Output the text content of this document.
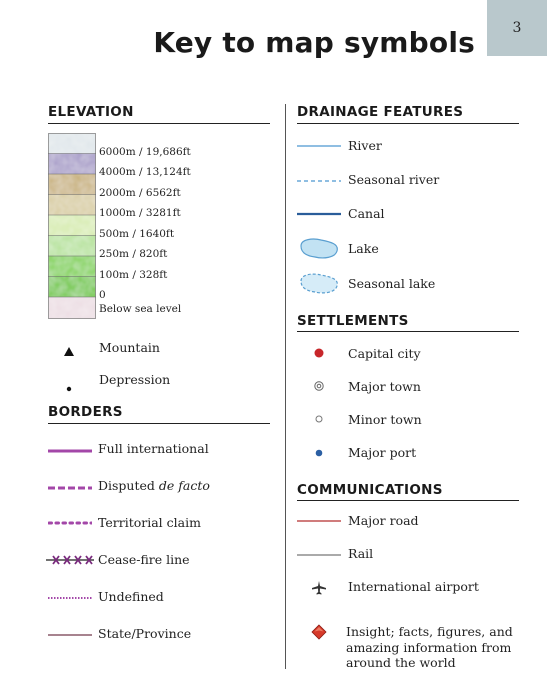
3
Key to map symbols
ELEVATION
6000m / 19,686ft
4000m / 13,124ft
2000m / 6562ft
1000m / 3281ft
500m / 1640ft
250m / 820ft
100m / 328ft
0
Below sea level
Mountain
Depression
BORDERS
Full international
Disputed de facto
Territorial claim
Cease-fire line
Undefined
State/Province
DRAINAGE FEATURES
River
Seasonal river
Canal
Lake
Seasonal lake
SETTLEMENTS
Capital city
Major town
Minor town
Major port
COMMUNICATIONS
Major road
Rail
International airport
Insight; facts, figures, and
amazing information from
around the world
